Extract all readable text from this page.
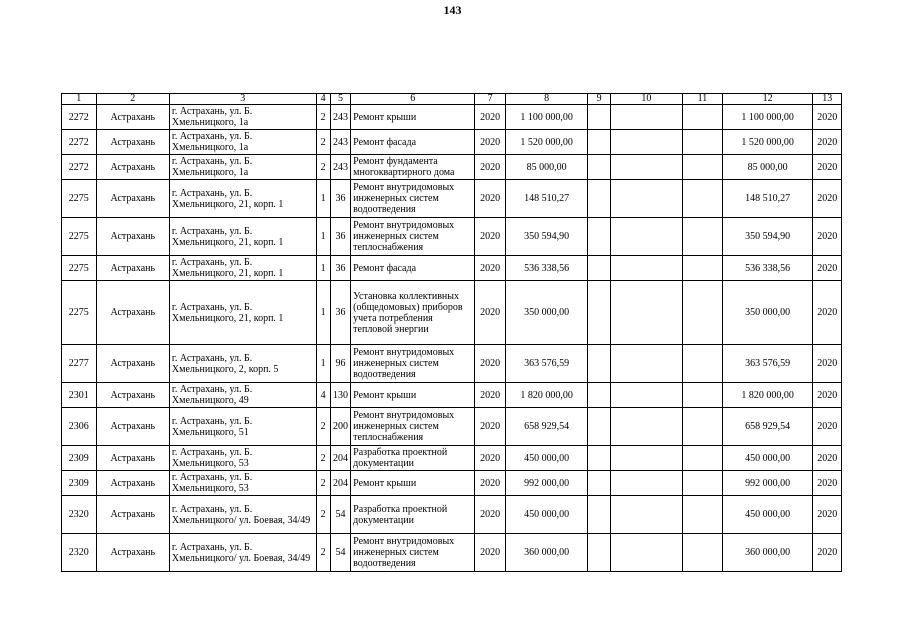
143
1	2	3	4	5	6	7	8	9	10	11	12	13
2272	Астрахань	г. Астрахань, ул. Б. Хмельницкого, 1а	2	243	Ремонт крыши	2020	1 100 000,00				1 100 000,00	2020
2272	Астрахань	г. Астрахань, ул. Б. Хмельницкого, 1а	2	243	Ремонт фасада	2020	1 520 000,00				1 520 000,00	2020
2272	Астрахань	г. Астрахань, ул. Б. Хмельницкого, 1а	2	243	Ремонт фундамента многоквартирного дома	2020	85 000,00				85 000,00	2020
2275	Астрахань	г. Астрахань, ул. Б. Хмельницкого, 21, корп. 1	1	36	Ремонт внутридомовых инженерных систем водоотведения	2020	148 510,27				148 510,27	2020
2275	Астрахань	г. Астрахань, ул. Б. Хмельницкого, 21, корп. 1	1	36	Ремонт внутридомовых инженерных систем теплоснабжения	2020	350 594,90				350 594,90	2020
2275	Астрахань	г. Астрахань, ул. Б. Хмельницкого, 21, корп. 1	1	36	Ремонт фасада	2020	536 338,56				536 338,56	2020
2275	Астрахань	г. Астрахань, ул. Б. Хмельницкого, 21, корп. 1	1	36	Установка коллективных (общедомовых) приборов учета потребления тепловой энергии	2020	350 000,00				350 000,00	2020
2277	Астрахань	г. Астрахань, ул. Б. Хмельницкого, 2, корп. 5	1	96	Ремонт внутридомовых инженерных систем водоотведения	2020	363 576,59				363 576,59	2020
2301	Астрахань	г. Астрахань, ул. Б. Хмельницкого, 49	4	130	Ремонт крыши	2020	1 820 000,00				1 820 000,00	2020
2306	Астрахань	г. Астрахань, ул. Б. Хмельницкого, 51	2	200	Ремонт внутридомовых инженерных систем теплоснабжения	2020	658 929,54				658 929,54	2020
2309	Астрахань	г. Астрахань, ул. Б. Хмельницкого, 53	2	204	Разработка проектной документации	2020	450 000,00				450 000,00	2020
2309	Астрахань	г. Астрахань, ул. Б. Хмельницкого, 53	2	204	Ремонт крыши	2020	992 000,00				992 000,00	2020
2320	Астрахань	г. Астрахань, ул. Б. Хмельницкого/ ул. Боевая, 34/49	2	54	Разработка проектной документации	2020	450 000,00				450 000,00	2020
2320	Астрахань	г. Астрахань, ул. Б. Хмельницкого/ ул. Боевая, 34/49	2	54	Ремонт внутридомовых инженерных систем водоотведения	2020	360 000,00				360 000,00	2020
